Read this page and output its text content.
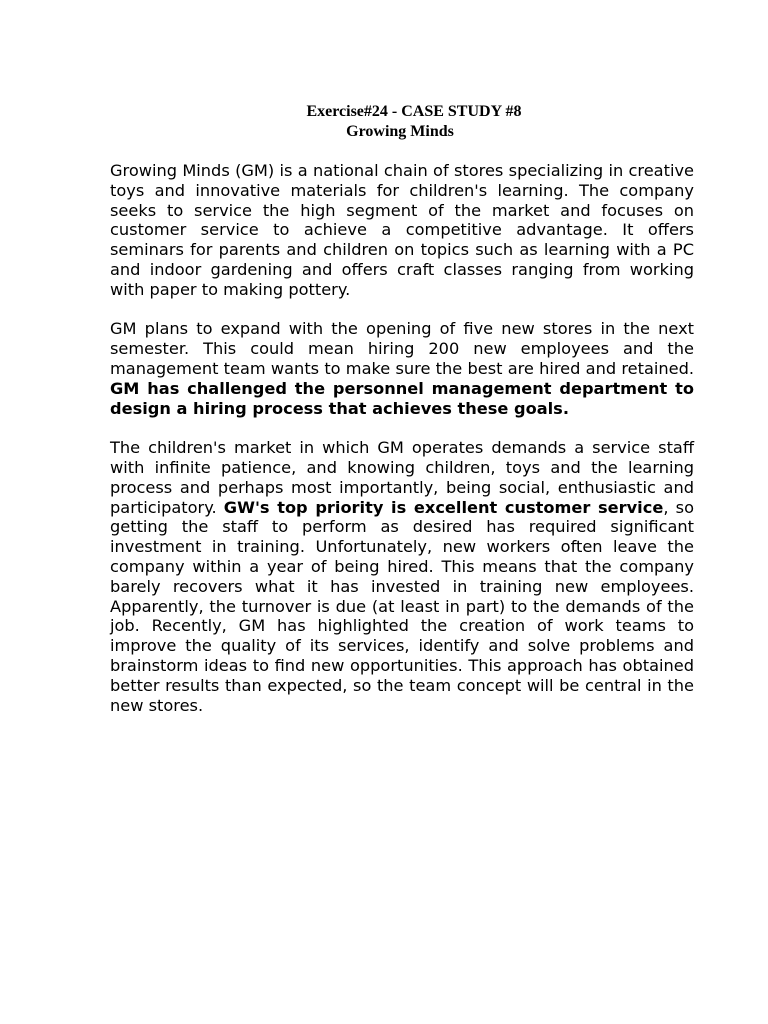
Exercise#24 - CASE STUDY #8
Growing Minds

Growing Minds (GM) is a national chain of stores specializing in creative toys and innovative materials for children's learning. The company seeks to service the high segment of the market and focuses on customer service to achieve a competitive advantage. It offers seminars for parents and children on topics such as learning with a PC and indoor gardening and offers craft classes ranging from working with paper to making pottery.

GM plans to expand with the opening of five new stores in the next semester. This could mean hiring 200 new employees and the management team wants to make sure the best are hired and retained. GM has challenged the personnel management department to design a hiring process that achieves these goals.

The children's market in which GM operates demands a service staff with infinite patience, and knowing children, toys and the learning process and perhaps most importantly, being social, enthusiastic and participatory. GW's top priority is excellent customer service, so getting the staff to perform as desired has required significant investment in training. Unfortunately, new workers often leave the company within a year of being hired. This means that the company barely recovers what it has invested in training new employees. Apparently, the turnover is due (at least in part) to the demands of the job. Recently, GM has highlighted the creation of work teams to improve the quality of its services, identify and solve problems and brainstorm ideas to find new opportunities. This approach has obtained better results than expected, so the team concept will be central in the new stores.
